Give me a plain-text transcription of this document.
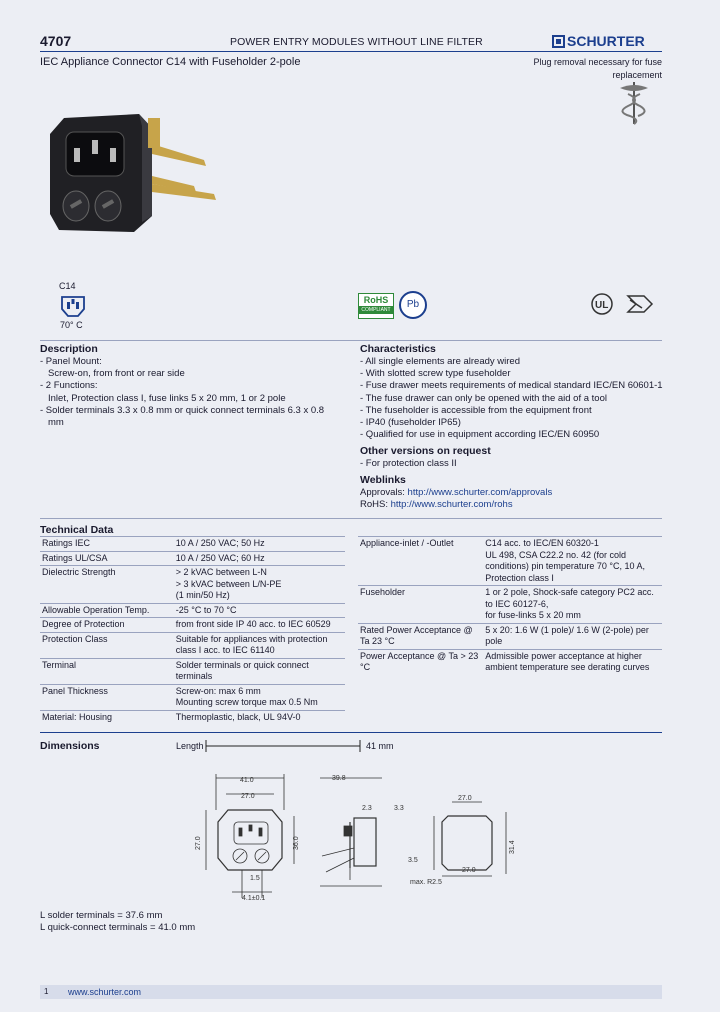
4707	POWER ENTRY MODULES WITHOUT LINE FILTER	SCHURTER
IEC Appliance Connector C14 with Fuseholder 2-pole	Plug removal necessary for fuse replacement
C14
70° C
RoHS
COMPLIANT	Pb	UL
Description
- Panel Mount:
Screw-on, from front or rear side
- 2 Functions:
Inlet, Protection class I, fuse links 5 x 20 mm, 1 or 2 pole
- Solder terminals 3.3 x 0.8 mm or quick connect terminals 6.3 x 0.8
mm
Characteristics
- All single elements are already wired
- With slotted screw type fuseholder
- Fuse drawer meets requirements of medical standard IEC/EN 60601-1
- The fuse drawer can only be opened with the aid of a tool
- The fuseholder is accessible from the equipment front
- IP40 (fuseholder IP65)
- Qualified for use in equipment according IEC/EN 60950
Other versions on request
- For protection class II
Weblinks
Approvals: http://www.schurter.com/approvals
RoHS: http://www.schurter.com/rohs
Technical Data
Ratings IEC	10 A / 250 VAC; 50 Hz
Ratings UL/CSA	10 A / 250 VAC; 60 Hz
Dielectric Strength	> 2 kVAC between L-N
> 3 kVAC between L/N-PE
(1 min/50 Hz)
Allowable Operation Temp.	-25 °C to 70 °C
Degree of Protection	from front side IP 40 acc. to IEC 60529
Protection Class	Suitable for appliances with protection class I acc. to IEC 61140
Terminal	Solder terminals or quick connect terminals
Panel Thickness	Screw-on: max 6 mm
Mounting screw torque max 0.5 Nm
Material: Housing	Thermoplastic, black, UL 94V-0
Appliance-inlet / -Outlet	C14 acc. to IEC/EN 60320-1
UL 498, CSA C22.2 no. 42 (for cold conditions) pin temperature 70 °C, 10 A, Protection class I
Fuseholder	1 or 2 pole, Shock-safe category PC2 acc. to IEC 60127-6,
for fuse-links 5 x 20 mm
Rated Power Acceptance @ Ta 23 °C	5 x 20: 1.6 W (1 pole)/ 1.6 W (2-pole) per pole
Power Acceptance @ Ta > 23 °C	Admissible power acceptance at higher ambient temperature see derating curves
Dimensions	Length	41 mm
41.0
27.0
27.0	36.0
1.5
4.1±0.1
39.8
2.3	3.3
27.0
3.5
max. R2.5
27.0
31.4
L solder terminals = 37.6 mm
L quick-connect terminals = 41.0 mm
1 www.schurter.com
